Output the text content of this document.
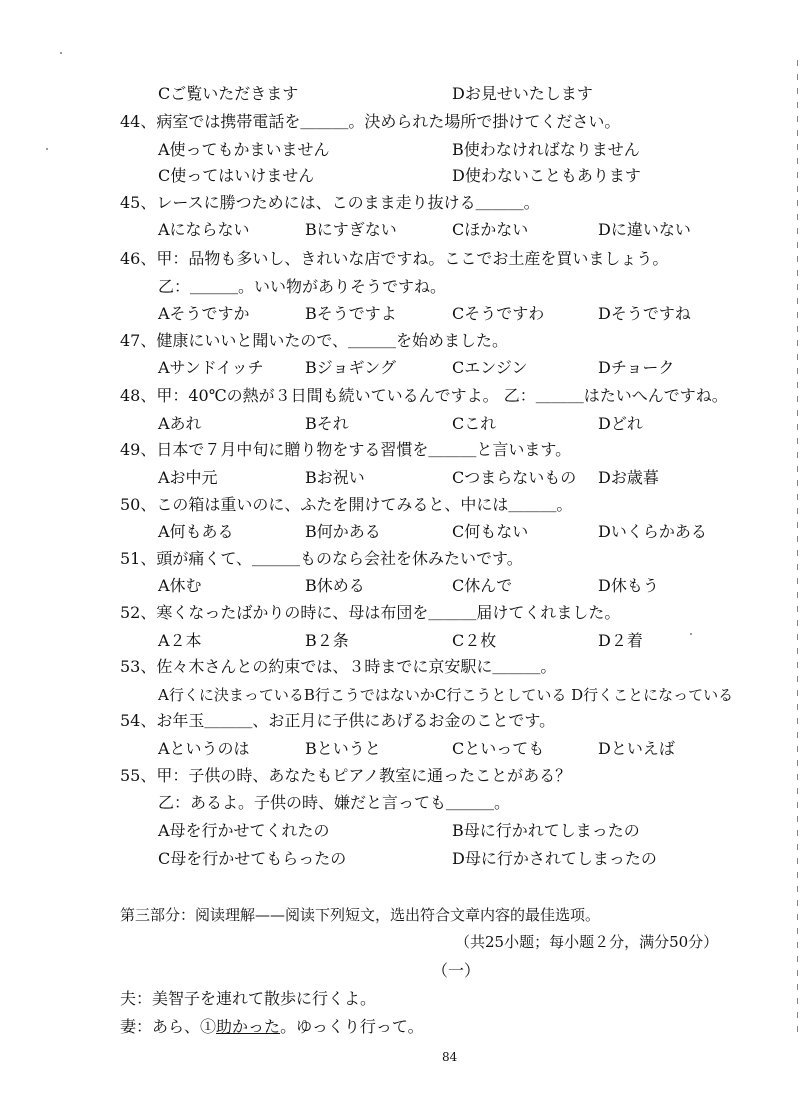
Cご覧いただきます	Dお見せいたします
44、病室では携帯電話を＿＿＿。決められた場所で掛けてください。
A使ってもかまいません	B使わなければなりません
C使ってはいけません	D使わないこともあります
45、レースに勝つためには、このまま走り抜ける＿＿＿。
Aにならない	Bにすぎない	Cほかない	Dに違いない
46、甲：品物も多いし、きれいな店ですね。ここでお土産を買いましょう。
乙：＿＿＿。いい物がありそうですね。
Aそうですか	Bそうですよ	Cそうですわ	Dそうですね
47、健康にいいと聞いたので、＿＿＿を始めました。
Aサンドイッチ	Bジョギング	Cエンジン	Dチョーク
48、甲：40℃の熱が３日間も続いているんですよ。 乙：＿＿＿はたいへんですね。
Aあれ	Bそれ	Cこれ	Dどれ
49、日本で７月中旬に贈り物をする習慣を＿＿＿と言います。
Aお中元	Bお祝い	Cつまらないもの Dお歳暮
50、この箱は重いのに、ふたを開けてみると、中には＿＿＿。
A何もある	B何かある	C何もない	Dいくらかある
51、頭が痛くて、＿＿＿ものなら会社を休みたいです。
A休む	B休める	C休んで	D休もう
52、寒くなったばかりの時に、母は布団を＿＿＿届けてくれました。
A２本	B２条	C２枚	D２着
53、佐々木さんとの約束では、３時までに京安駅に＿＿＿。
A行くに決まっているB行こうではないかC行こうとしている D行くことになっている
54、お年玉＿＿＿、お正月に子供にあげるお金のことです。
Aというのは	Bというと	Cといっても	Dといえば
55、甲：子供の時、あなたもピアノ教室に通ったことがある？
乙：あるよ。子供の時、嫌だと言っても＿＿＿。
A母を行かせてくれたの	B母に行かれてしまったの
C母を行かせてもらったの	D母に行かされてしまったの
第三部分：阅读理解——阅读下列短文，选出符合文章内容的最佳选项。
（共25小题；每小题２分，满分50分）
（一）
夫：美智子を連れて散歩に行くよ。
妻：あら、①助かった。ゆっくり行って。
84
